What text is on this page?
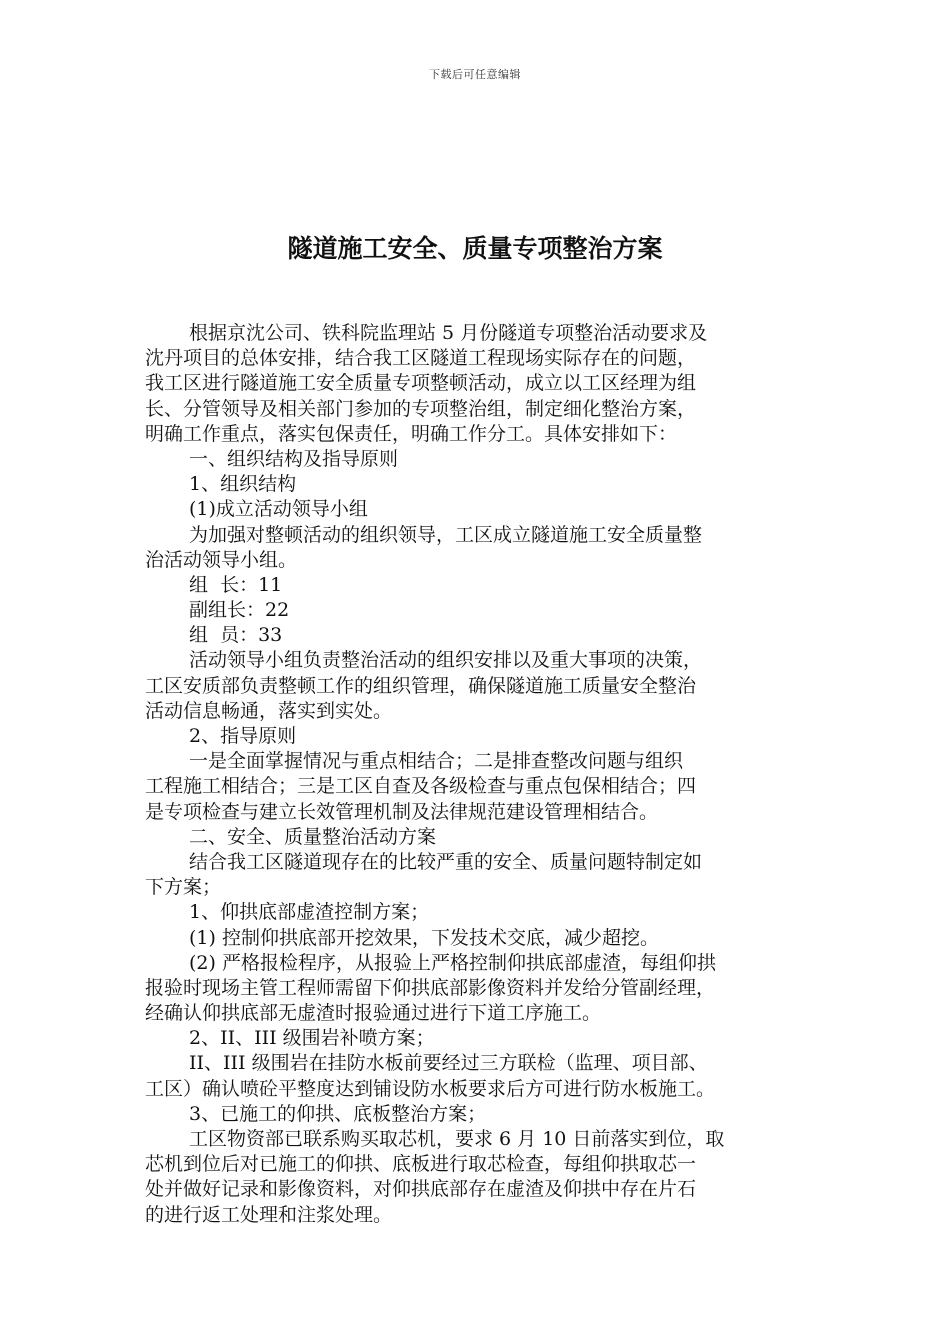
下载后可任意编辑
隧道施工安全、质量专项整治方案
根据京沈公司、铁科院监理站 5 月份隧道专项整治活动要求及
沈丹项目的总体安排，结合我工区隧道工程现场实际存在的问题，
我工区进行隧道施工安全质量专项整顿活动，成立以工区经理为组
长、分管领导及相关部门参加的专项整治组，制定细化整治方案，
明确工作重点，落实包保责任，明确工作分工。具体安排如下：
一、组织结构及指导原则
1、组织结构
(1)成立活动领导小组
为加强对整顿活动的组织领导，工区成立隧道施工安全质量整
治活动领导小组。
组  长：11
副组长：22
组  员：33
活动领导小组负责整治活动的组织安排以及重大事项的决策，
工区安质部负责整顿工作的组织管理，确保隧道施工质量安全整治
活动信息畅通，落实到实处。
2、指导原则
一是全面掌握情况与重点相结合；二是排查整改问题与组织
工程施工相结合；三是工区自查及各级检查与重点包保相结合；四
是专项检查与建立长效管理机制及法律规范建设管理相结合。
二、安全、质量整治活动方案
结合我工区隧道现存在的比较严重的安全、质量问题特制定如
下方案；
1、仰拱底部虚渣控制方案；
(1) 控制仰拱底部开挖效果，下发技术交底，减少超挖。
(2) 严格报检程序，从报验上严格控制仰拱底部虚渣，每组仰拱
报验时现场主管工程师需留下仰拱底部影像资料并发给分管副经理，
经确认仰拱底部无虚渣时报验通过进行下道工序施工。
2、II、III 级围岩补喷方案；
II、III 级围岩在挂防水板前要经过三方联检（监理、项目部、
工区）确认喷砼平整度达到铺设防水板要求后方可进行防水板施工。
3、已施工的仰拱、底板整治方案；
工区物资部已联系购买取芯机，要求 6 月 10 日前落实到位，取
芯机到位后对已施工的仰拱、底板进行取芯检查，每组仰拱取芯一
处并做好记录和影像资料，对仰拱底部存在虚渣及仰拱中存在片石
的进行返工处理和注浆处理。
